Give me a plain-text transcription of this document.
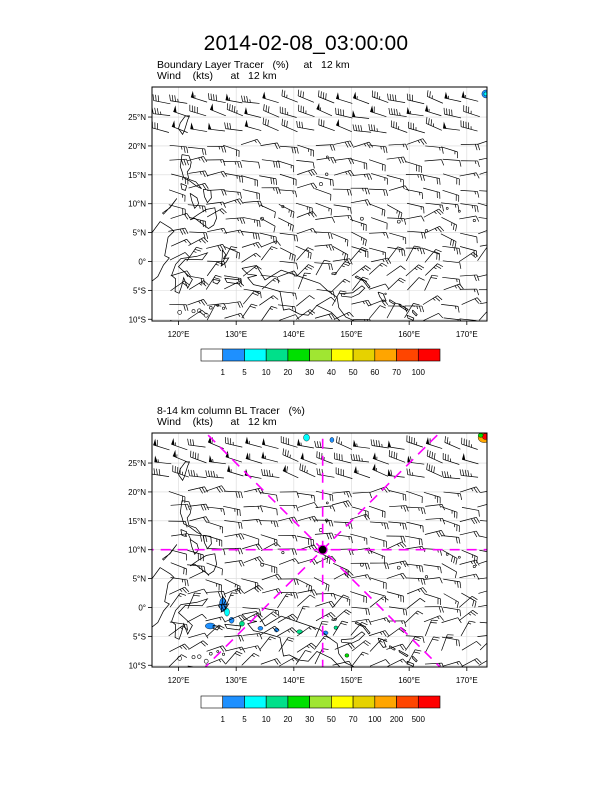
2014-02-08_03:00:00
Boundary Layer Tracer   (%)     at   12 km
Wind    (kts)      at   12 km
8-14 km column BL Tracer   (%)
Wind    (kts)      at   12 km
25°N
20°N
15°N
10°N
5°N
0°
5°S
10°S
120°E	130°E	140°E	150°E	160°E	170°E
1 5 10 20 30 40 50 60 70 100
25°N
20°N
15°N
10°N
5°N
0°
5°S
10°S
120°E	130°E	140°E	150°E	160°E	170°E
1 5 10 20 30 50 70 100 200 500
